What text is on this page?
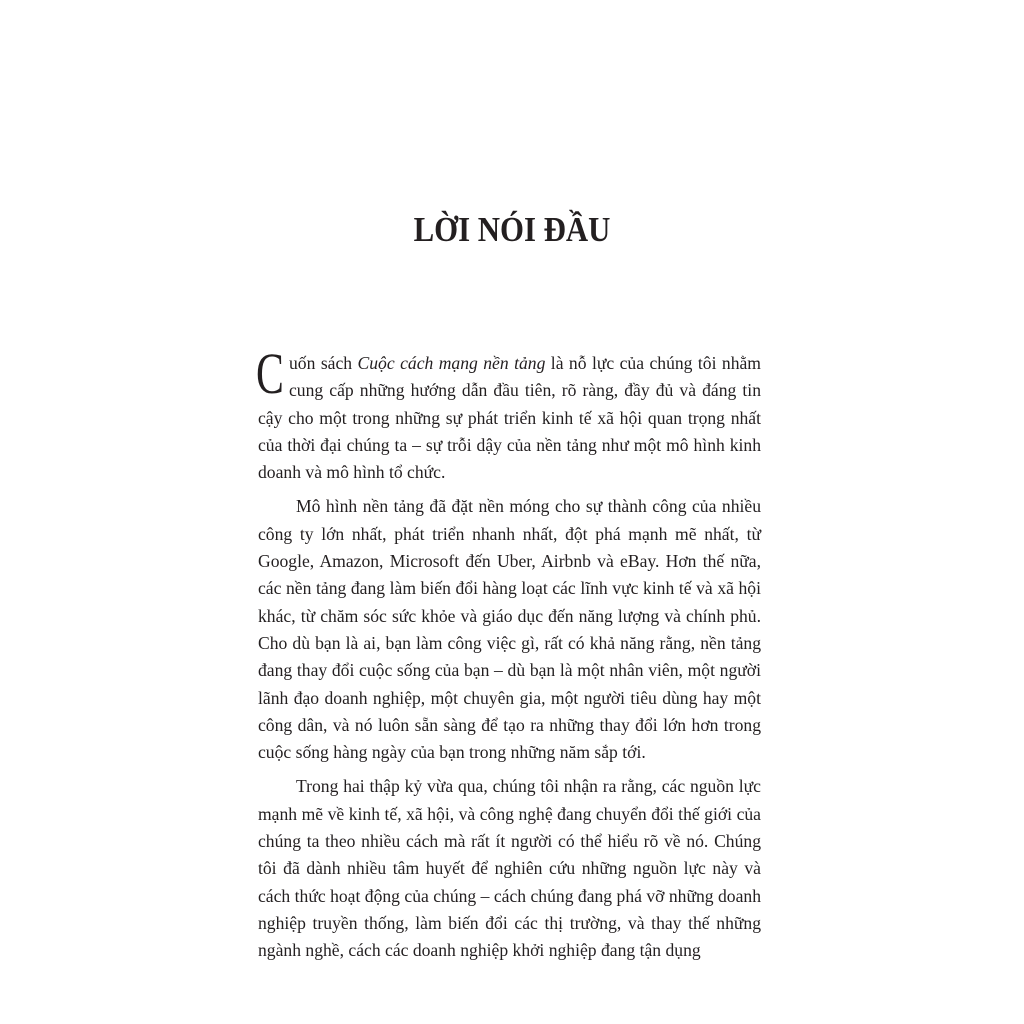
LỜI NÓI ĐẦU

Cuốn sách Cuộc cách mạng nền tảng là nỗ lực của chúng tôi nhằm cung cấp những hướng dẫn đầu tiên, rõ ràng, đầy đủ và đáng tin cậy cho một trong những sự phát triển kinh tế xã hội quan trọng nhất của thời đại chúng ta – sự trỗi dậy của nền tảng như một mô hình kinh doanh và mô hình tổ chức.

Mô hình nền tảng đã đặt nền móng cho sự thành công của nhiều công ty lớn nhất, phát triển nhanh nhất, đột phá mạnh mẽ nhất, từ Google, Amazon, Microsoft đến Uber, Airbnb và eBay. Hơn thế nữa, các nền tảng đang làm biến đổi hàng loạt các lĩnh vực kinh tế và xã hội khác, từ chăm sóc sức khỏe và giáo dục đến năng lượng và chính phủ. Cho dù bạn là ai, bạn làm công việc gì, rất có khả năng rằng, nền tảng đang thay đổi cuộc sống của bạn – dù bạn là một nhân viên, một người lãnh đạo doanh nghiệp, một chuyên gia, một người tiêu dùng hay một công dân, và nó luôn sẵn sàng để tạo ra những thay đổi lớn hơn trong cuộc sống hàng ngày của bạn trong những năm sắp tới.

Trong hai thập kỷ vừa qua, chúng tôi nhận ra rằng, các nguồn lực mạnh mẽ về kinh tế, xã hội, và công nghệ đang chuyển đổi thế giới của chúng ta theo nhiều cách mà rất ít người có thể hiểu rõ về nó. Chúng tôi đã dành nhiều tâm huyết để nghiên cứu những nguồn lực này và cách thức hoạt động của chúng – cách chúng đang phá vỡ những doanh nghiệp truyền thống, làm biến đổi các thị trường, và thay thế những ngành nghề, cách các doanh nghiệp khởi nghiệp đang tận dụng
